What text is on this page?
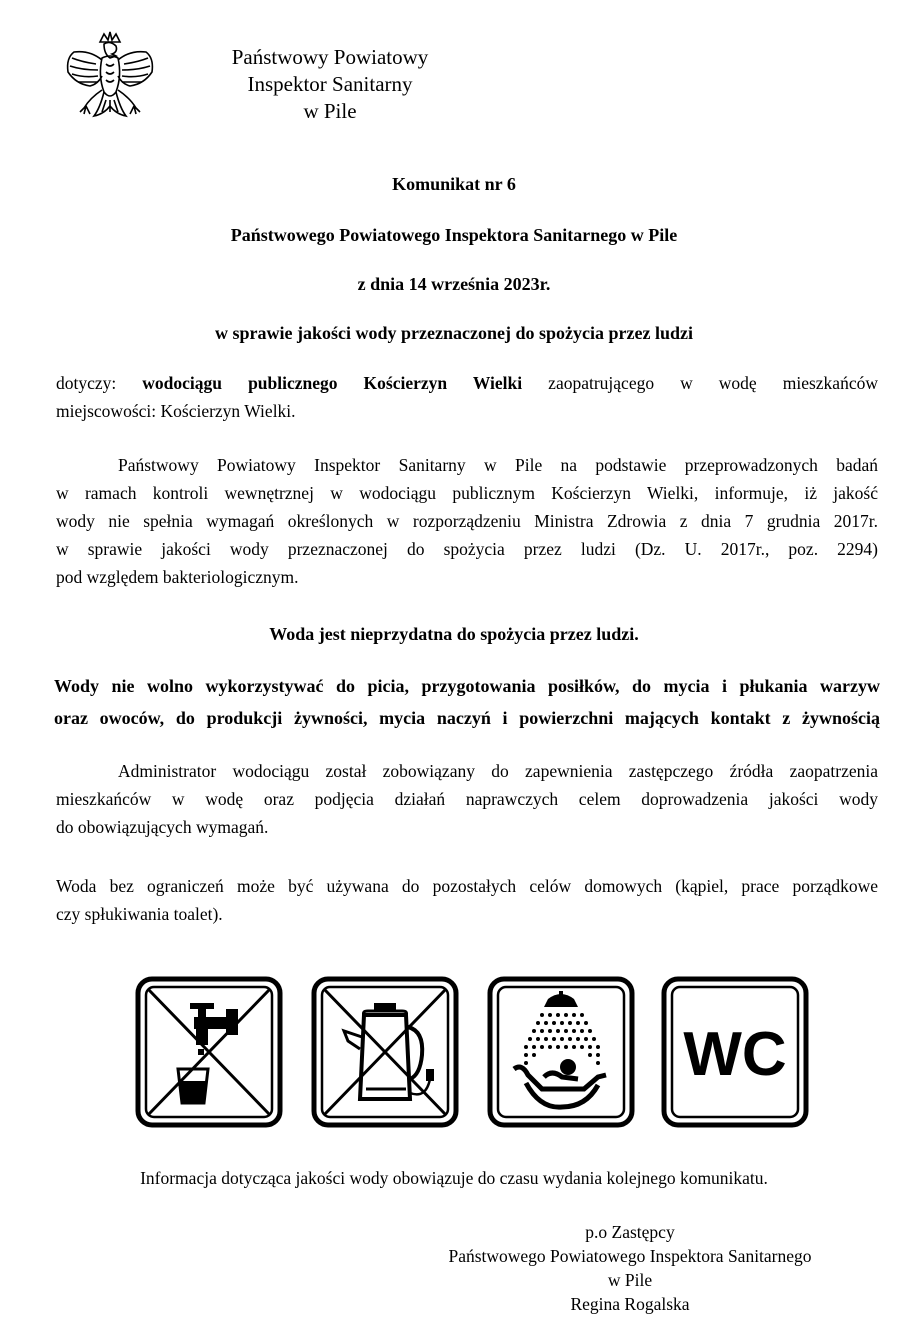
Państwowy Powiatowy
Inspektor Sanitarny
w Pile
Komunikat nr 6
Państwowego Powiatowego Inspektora Sanitarnego w Pile
z dnia 14 września 2023r.
w sprawie jakości wody przeznaczonej do spożycia przez ludzi
dotyczy: wodociągu publicznego Kościerzyn Wielki zaopatrującego w wodę mieszkańców
miejscowości: Kościerzyn Wielki.
Państwowy Powiatowy Inspektor Sanitarny w Pile na podstawie przeprowadzonych badań
w ramach kontroli wewnętrznej w wodociągu publicznym Kościerzyn Wielki, informuje, iż jakość
wody nie spełnia wymagań określonych w rozporządzeniu Ministra Zdrowia z dnia 7 grudnia 2017r.
w sprawie jakości wody przeznaczonej do spożycia przez ludzi (Dz. U. 2017r., poz. 2294)
pod względem bakteriologicznym.
Woda jest nieprzydatna do spożycia przez ludzi.
Wody nie wolno wykorzystywać do picia, przygotowania posiłków, do mycia i płukania warzyw
oraz owoców, do produkcji żywności, mycia naczyń i powierzchni mających kontakt z żywnością
Administrator wodociągu został zobowiązany do zapewnienia zastępczego źródła zaopatrzenia
mieszkańców w wodę oraz podjęcia działań naprawczych celem doprowadzenia jakości wody
do obowiązujących wymagań.
Woda bez ograniczeń może być używana do pozostałych celów domowych (kąpiel, prace porządkowe
czy spłukiwania toalet).
WC
Informacja dotycząca jakości wody obowiązuje do czasu wydania kolejnego komunikatu.
p.o Zastępcy
Państwowego Powiatowego Inspektora Sanitarnego
w Pile
Regina Rogalska
